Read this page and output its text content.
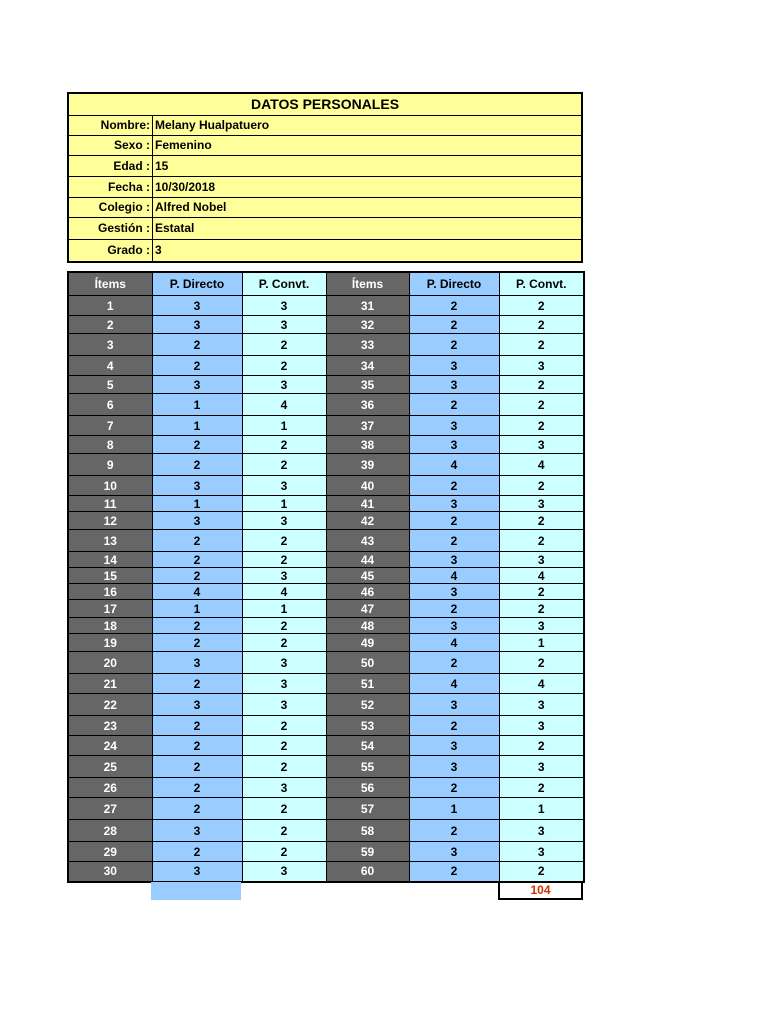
DATOS PERSONALES
Nombre: Melany Hualpatuero
Sexo : Femenino
Edad : 15
Fecha : 10/30/2018
Colegio : Alfred Nobel
Gestión : Estatal
Grado : 3
Ítems	P. Directo	P. Convt.	Ítems	P. Directo	P. Convt.
1	3	3	31	2	2
2	3	3	32	2	2
3	2	2	33	2	2
4	2	2	34	3	3
5	3	3	35	3	2
6	1	4	36	2	2
7	1	1	37	3	2
8	2	2	38	3	3
9	2	2	39	4	4
10	3	3	40	2	2
11	1	1	41	3	3
12	3	3	42	2	2
13	2	2	43	2	2
14	2	2	44	3	3
15	2	3	45	4	4
16	4	4	46	3	2
17	1	1	47	2	2
18	2	2	48	3	3
19	2	2	49	4	1
20	3	3	50	2	2
21	2	3	51	4	4
22	3	3	52	3	3
23	2	2	53	2	3
24	2	2	54	3	2
25	2	2	55	3	3
26	2	3	56	2	2
27	2	2	57	1	1
28	3	2	58	2	3
29	2	2	59	3	3
30	3	3	60	2	2
104
